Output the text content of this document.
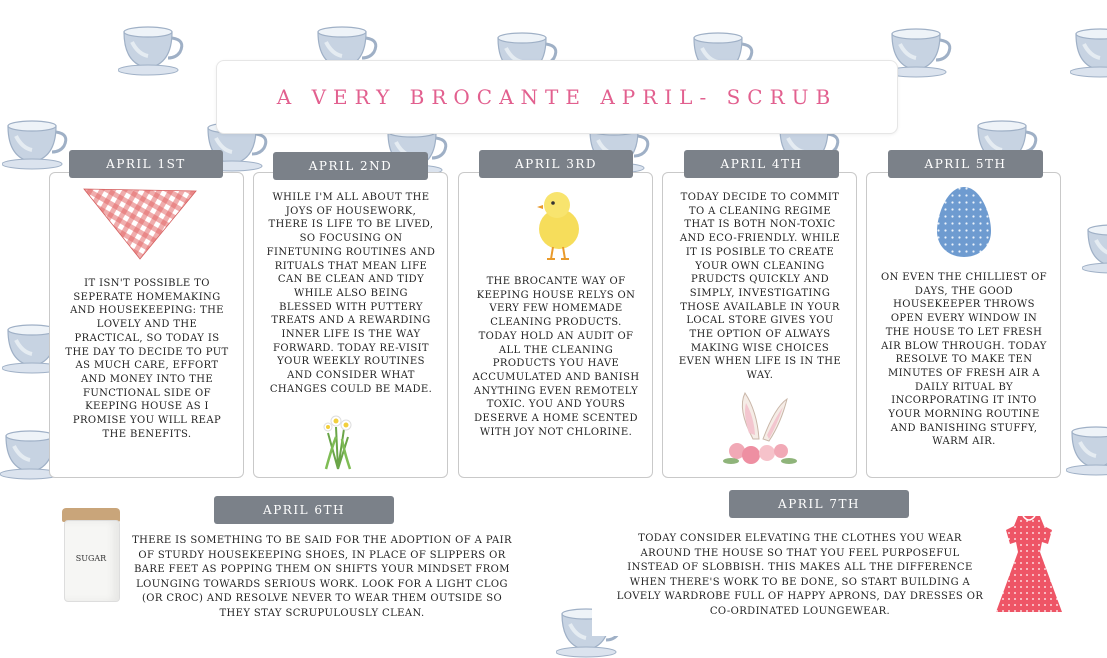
A VERY BROCANTE APRIL- SCRUB
IT ISN'T POSSIBLE TO SEPERATE HOMEMAKING AND HOUSEKEEPING: THE LOVELY AND THE PRACTICAL, SO TODAY IS THE DAY TO DECIDE TO PUT AS MUCH CARE, EFFORT AND MONEY INTO THE FUNCTIONAL SIDE OF KEEPING HOUSE AS I PROMISE YOU WILL REAP THE BENEFITS.
APRIL 1ST
WHILE I'M ALL ABOUT THE JOYS OF HOUSEWORK, THERE IS LIFE TO BE LIVED, SO FOCUSING ON FINETUNING ROUTINES AND RITUALS THAT MEAN LIFE CAN BE CLEAN AND TIDY WHILE ALSO BEING BLESSED WITH PUTTERY TREATS AND A REWARDING INNER LIFE IS THE WAY FORWARD. TODAY RE-VISIT YOUR WEEKLY ROUTINES AND CONSIDER WHAT CHANGES COULD BE MADE.
APRIL 2ND
THE BROCANTE WAY OF KEEPING HOUSE RELYS ON VERY FEW HOMEMADE CLEANING PRODUCTS. TODAY HOLD AN AUDIT OF ALL THE CLEANING PRODUCTS YOU HAVE ACCUMULATED AND BANISH ANYTHING EVEN REMOTELY TOXIC. YOU AND YOURS DESERVE A HOME SCENTED WITH JOY NOT CHLORINE.
APRIL 3RD
TODAY DECIDE TO COMMIT TO A CLEANING REGIME THAT IS BOTH NON-TOXIC AND ECO-FRIENDLY. WHILE IT IS POSIBLE TO CREATE YOUR OWN CLEANING PRUDCTS QUICKLY AND SIMPLY, INVESTIGATING THOSE AVAILABLE IN YOUR LOCAL STORE GIVES YOU THE OPTION OF ALWAYS MAKING WISE CHOICES EVEN WHEN LIFE IS IN THE WAY.
APRIL 4TH
ON EVEN THE CHILLIEST OF DAYS, THE GOOD HOUSEKEEPER THROWS OPEN EVERY WINDOW IN THE HOUSE TO LET FRESH AIR BLOW THROUGH. TODAY RESOLVE TO MAKE TEN MINUTES OF FRESH AIR A DAILY RITUAL BY INCORPORATING IT INTO YOUR MORNING ROUTINE AND BANISHING STUFFY, WARM AIR.
APRIL 5TH
APRIL 6TH
SUGAR
THERE IS SOMETHING TO BE SAID FOR THE ADOPTION OF A PAIR OF STURDY HOUSEKEEPING SHOES, IN PLACE OF SLIPPERS OR BARE FEET AS POPPING THEM ON SHIFTS YOUR MINDSET FROM LOUNGING TOWARDS SERIOUS WORK. LOOK FOR A LIGHT CLOG (OR CROC) AND RESOLVE NEVER TO WEAR THEM OUTSIDE SO THEY STAY SCRUPULOUSLY CLEAN.
APRIL 7TH
TODAY CONSIDER ELEVATING THE CLOTHES YOU WEAR AROUND THE HOUSE SO THAT YOU FEEL PURPOSEFUL INSTEAD OF SLOBBISH. THIS MAKES ALL THE DIFFERENCE WHEN THERE'S WORK TO BE DONE, SO START BUILDING A LOVELY WARDROBE FULL OF HAPPY APRONS, DAY DRESSES OR CO-ORDINATED LOUNGEWEAR.
